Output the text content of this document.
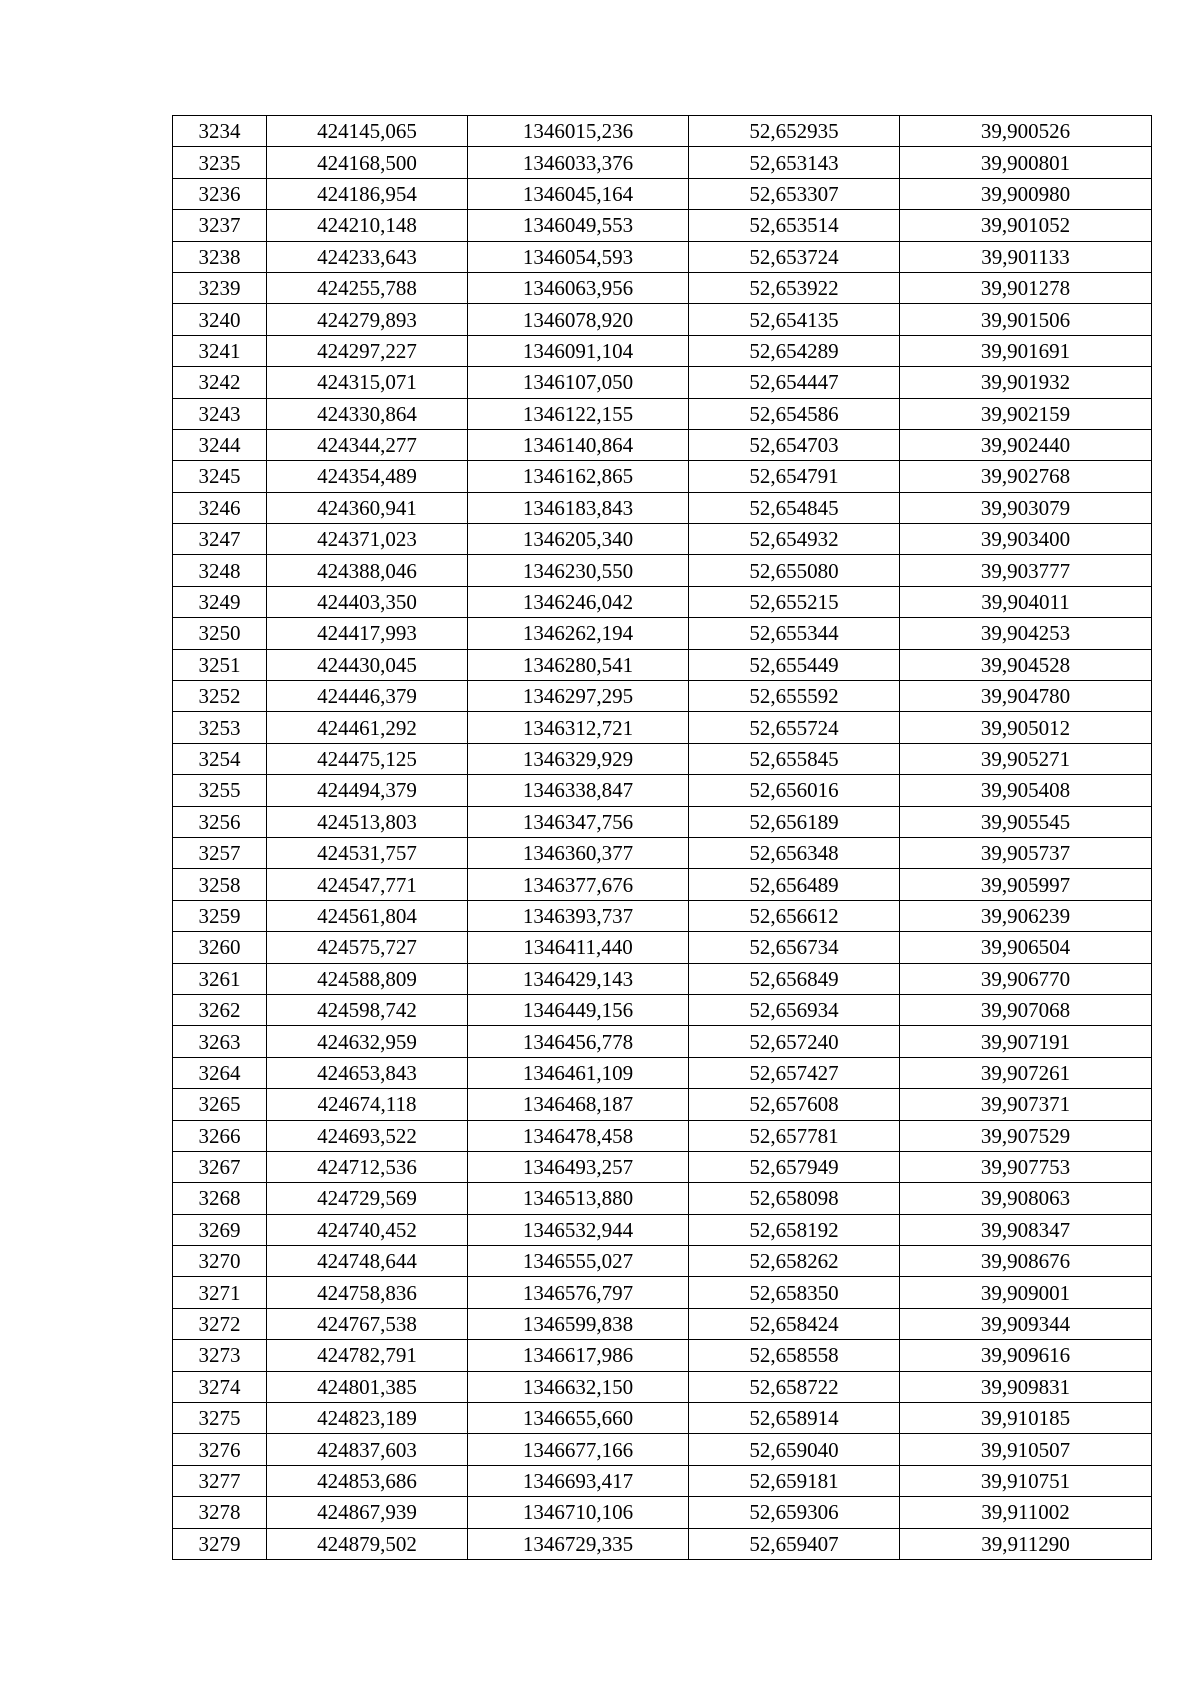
3234	424145,065	1346015,236	52,652935	39,900526
3235	424168,500	1346033,376	52,653143	39,900801
3236	424186,954	1346045,164	52,653307	39,900980
3237	424210,148	1346049,553	52,653514	39,901052
3238	424233,643	1346054,593	52,653724	39,901133
3239	424255,788	1346063,956	52,653922	39,901278
3240	424279,893	1346078,920	52,654135	39,901506
3241	424297,227	1346091,104	52,654289	39,901691
3242	424315,071	1346107,050	52,654447	39,901932
3243	424330,864	1346122,155	52,654586	39,902159
3244	424344,277	1346140,864	52,654703	39,902440
3245	424354,489	1346162,865	52,654791	39,902768
3246	424360,941	1346183,843	52,654845	39,903079
3247	424371,023	1346205,340	52,654932	39,903400
3248	424388,046	1346230,550	52,655080	39,903777
3249	424403,350	1346246,042	52,655215	39,904011
3250	424417,993	1346262,194	52,655344	39,904253
3251	424430,045	1346280,541	52,655449	39,904528
3252	424446,379	1346297,295	52,655592	39,904780
3253	424461,292	1346312,721	52,655724	39,905012
3254	424475,125	1346329,929	52,655845	39,905271
3255	424494,379	1346338,847	52,656016	39,905408
3256	424513,803	1346347,756	52,656189	39,905545
3257	424531,757	1346360,377	52,656348	39,905737
3258	424547,771	1346377,676	52,656489	39,905997
3259	424561,804	1346393,737	52,656612	39,906239
3260	424575,727	1346411,440	52,656734	39,906504
3261	424588,809	1346429,143	52,656849	39,906770
3262	424598,742	1346449,156	52,656934	39,907068
3263	424632,959	1346456,778	52,657240	39,907191
3264	424653,843	1346461,109	52,657427	39,907261
3265	424674,118	1346468,187	52,657608	39,907371
3266	424693,522	1346478,458	52,657781	39,907529
3267	424712,536	1346493,257	52,657949	39,907753
3268	424729,569	1346513,880	52,658098	39,908063
3269	424740,452	1346532,944	52,658192	39,908347
3270	424748,644	1346555,027	52,658262	39,908676
3271	424758,836	1346576,797	52,658350	39,909001
3272	424767,538	1346599,838	52,658424	39,909344
3273	424782,791	1346617,986	52,658558	39,909616
3274	424801,385	1346632,150	52,658722	39,909831
3275	424823,189	1346655,660	52,658914	39,910185
3276	424837,603	1346677,166	52,659040	39,910507
3277	424853,686	1346693,417	52,659181	39,910751
3278	424867,939	1346710,106	52,659306	39,911002
3279	424879,502	1346729,335	52,659407	39,911290
